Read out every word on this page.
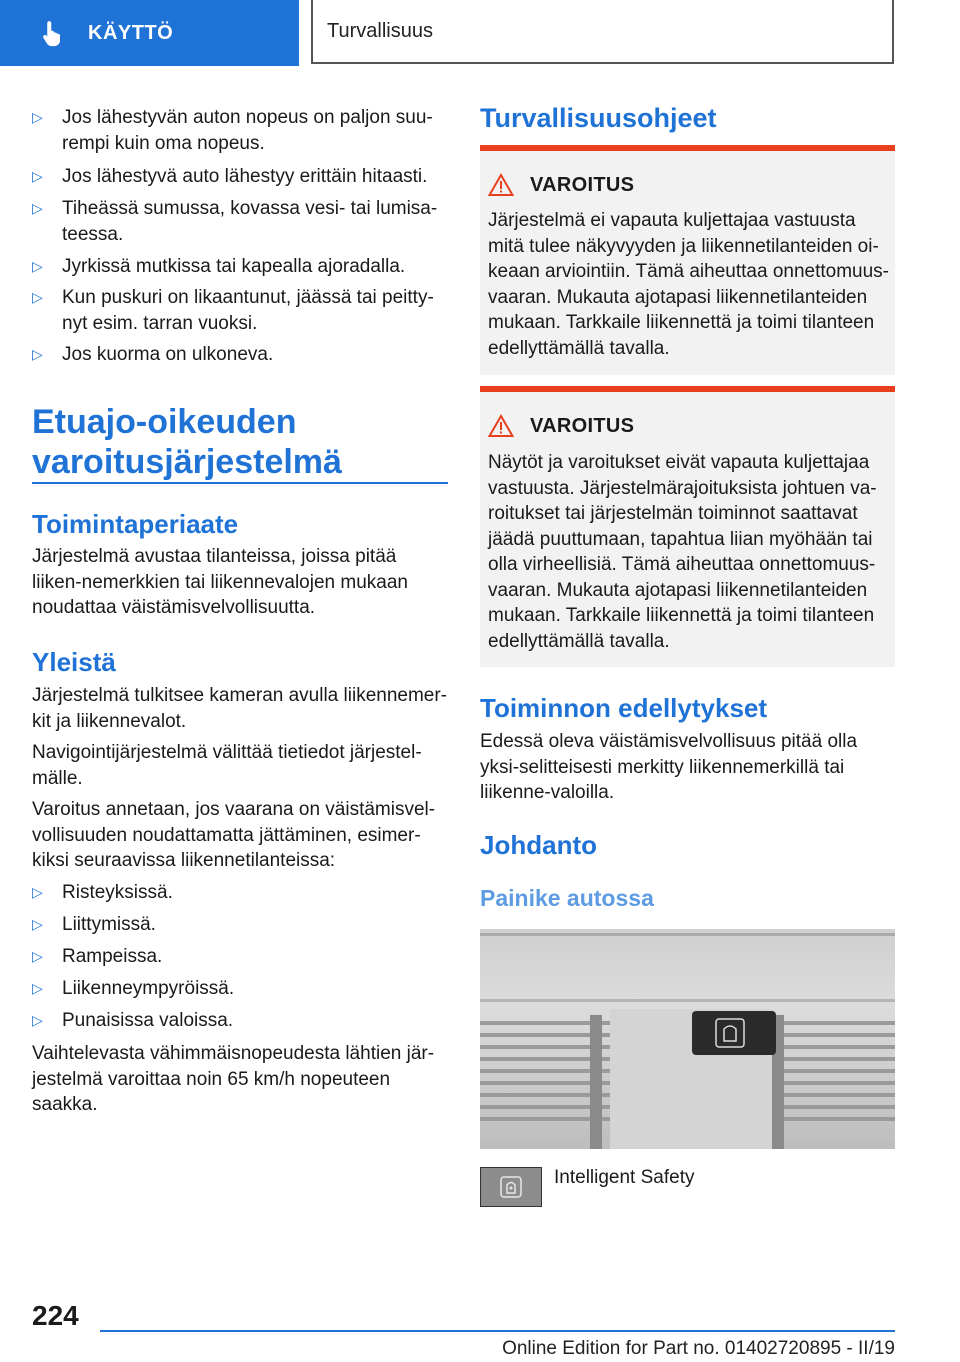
KÄYTTÖ	Turvallisuus
▷ Jos lähestyvän auton nopeus on paljon suu-rempi kuin oma nopeus.
▷ Jos lähestyvä auto lähestyy erittäin hitaasti.
▷ Tiheässä sumussa, kovassa vesi- tai lumisa-teessa.
▷ Jyrkissä mutkissa tai kapealla ajoradalla.
▷ Kun puskuri on likaantunut, jäässä tai peitty-nyt esim. tarran vuoksi.
▷ Jos kuorma on ulkoneva.
Etuajo-oikeuden
varoitusjärjestelmä
Toimintaperiaate

Järjestelmä avustaa tilanteissa, joissa pitää liiken-nemerkkien tai liikennevalojen mukaan noudattaa väistämisvelvollisuutta.

Yleistä

Järjestelmä tulkitsee kameran avulla liikennemer-kit ja liikennevalot.

Navigointijärjestelmä välittää tietiedot järjestel-mälle.

Varoitus annetaan, jos vaarana on väistämisvel-vollisuuden noudattamatta jättäminen, esimer-kiksi seuraavissa liikennetilanteissa:

▷ Risteyksissä.
▷ Liittymissä.
▷ Rampeissa.
▷ Liikenneympyröissä.
▷ Punaisissa valoissa.

Vaihtelevasta vähimmäisnopeudesta lähtien jär-jestelmä varoittaa noin 65 km/h nopeuteen saakka.

Turvallisuusohjeet
VAROITUS
Järjestelmä ei vapauta kuljettajaa vastuusta mitä tulee näkyvyyden ja liikennetilanteiden oi-keaan arviointiin. Tämä aiheuttaa onnettomuus-vaaran. Mukauta ajotapasi liikennetilanteiden mukaan. Tarkkaile liikennettä ja toimi tilanteen edellyttämällä tavalla.
VAROITUS
Näytöt ja varoitukset eivät vapauta kuljettajaa vastuusta. Järjestelmärajoituksista johtuen va-roitukset tai järjestelmän toiminnot saattavat jäädä puuttumaan, tapahtua liian myöhään tai olla virheellisiä. Tämä aiheuttaa onnettomuus-vaaran. Mukauta ajotapasi liikennetilanteiden mukaan. Tarkkaile liikennettä ja toimi tilanteen edellyttämällä tavalla.
Toiminnon edellytykset

Edessä oleva väistämisvelvollisuus pitää olla yksi-selitteisesti merkitty liikennemerkillä tai liikenne-valoilla.

Johdanto
Painike autossa

Intelligent Safety

224
Online Edition for Part no. 01402720895 - II/19
